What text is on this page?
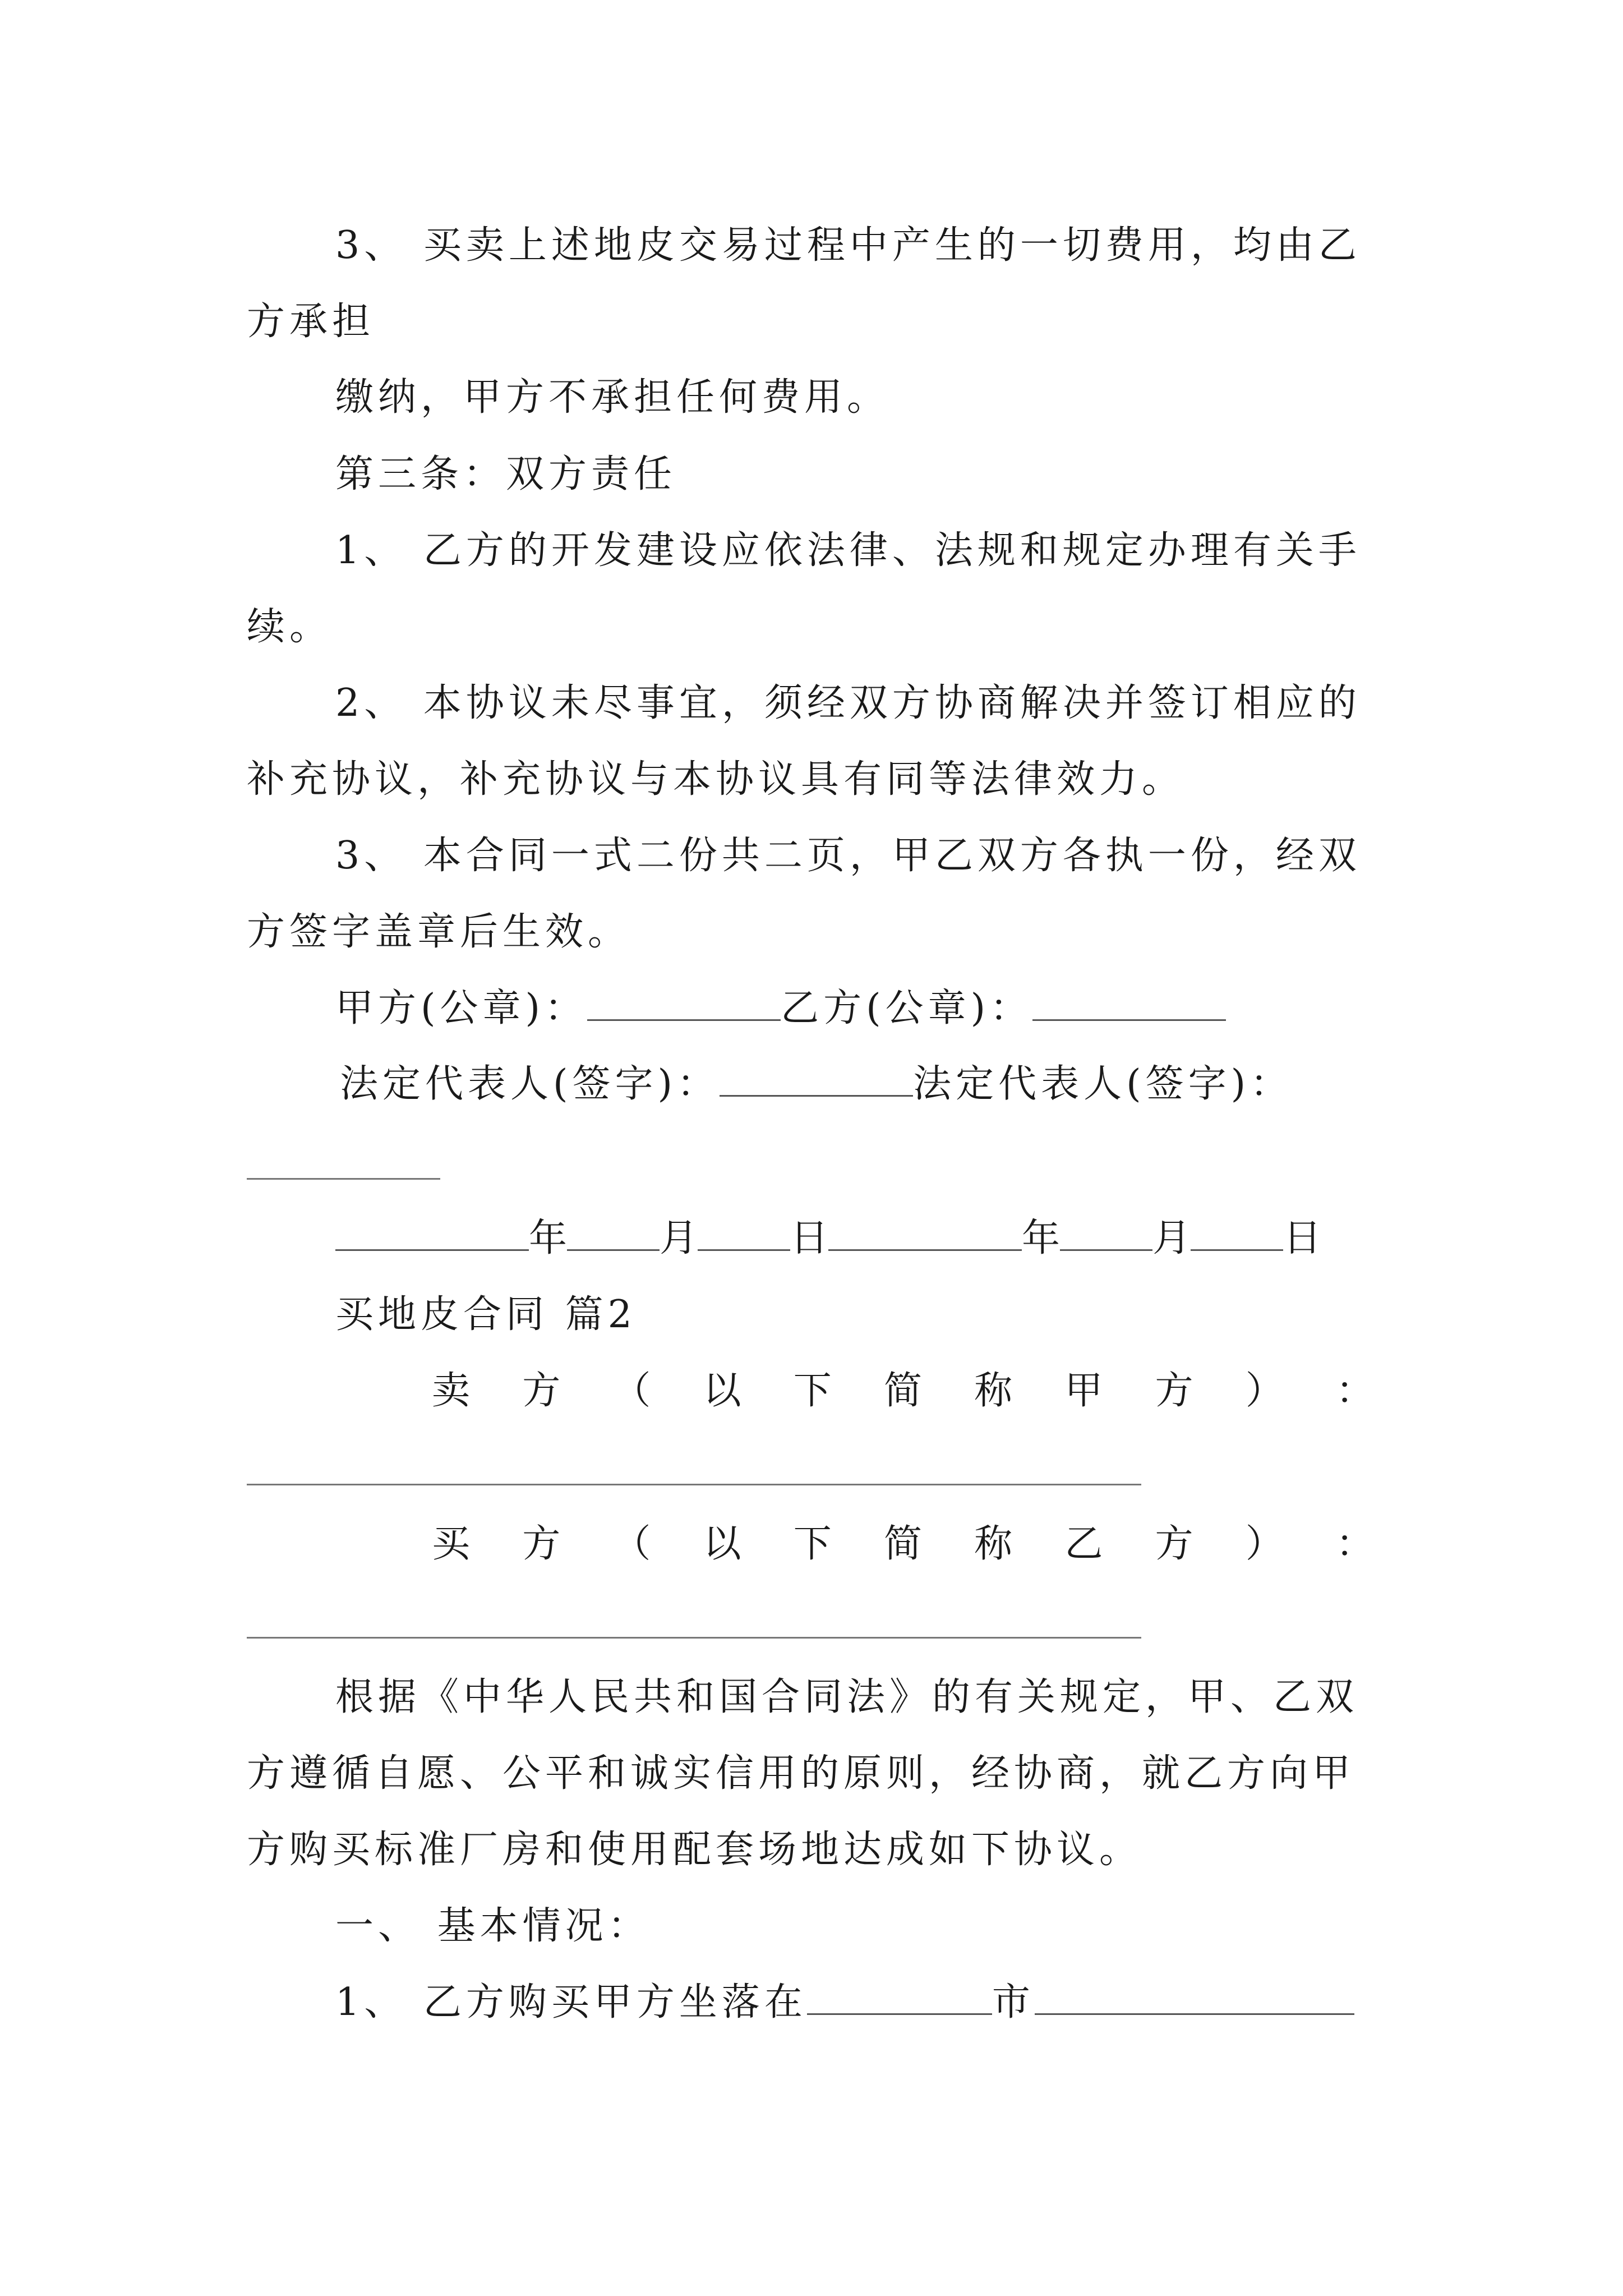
3、 买卖上述地皮交易过程中产生的一切费用，均由乙
方承担
缴纳，甲方不承担任何费用。
第三条：双方责任
1、 乙方的开发建设应依法律、法规和规定办理有关手
续。
2、 本协议未尽事宜，须经双方协商解决并签订相应的
补充协议，补充协议与本协议具有同等法律效力。
3、 本合同一式二份共二页，甲乙双方各执一份，经双
方签字盖章后生效。
甲方(公章)：	乙方(公章)：
法定代表人(签字)：	法定代表人(签字)：
年 月 日	年 月 日
买地皮合同 篇2
卖 方 （ 以 下 简 称 甲 方 ） ：
买 方 （ 以 下 简 称 乙 方 ） ：
根据《中华人民共和国合同法》的有关规定，甲、乙双
方遵循自愿、公平和诚实信用的原则，经协商，就乙方向甲
方购买标准厂房和使用配套场地达成如下协议。
一、 基本情况：
1、 乙方购买甲方坐落在	市
